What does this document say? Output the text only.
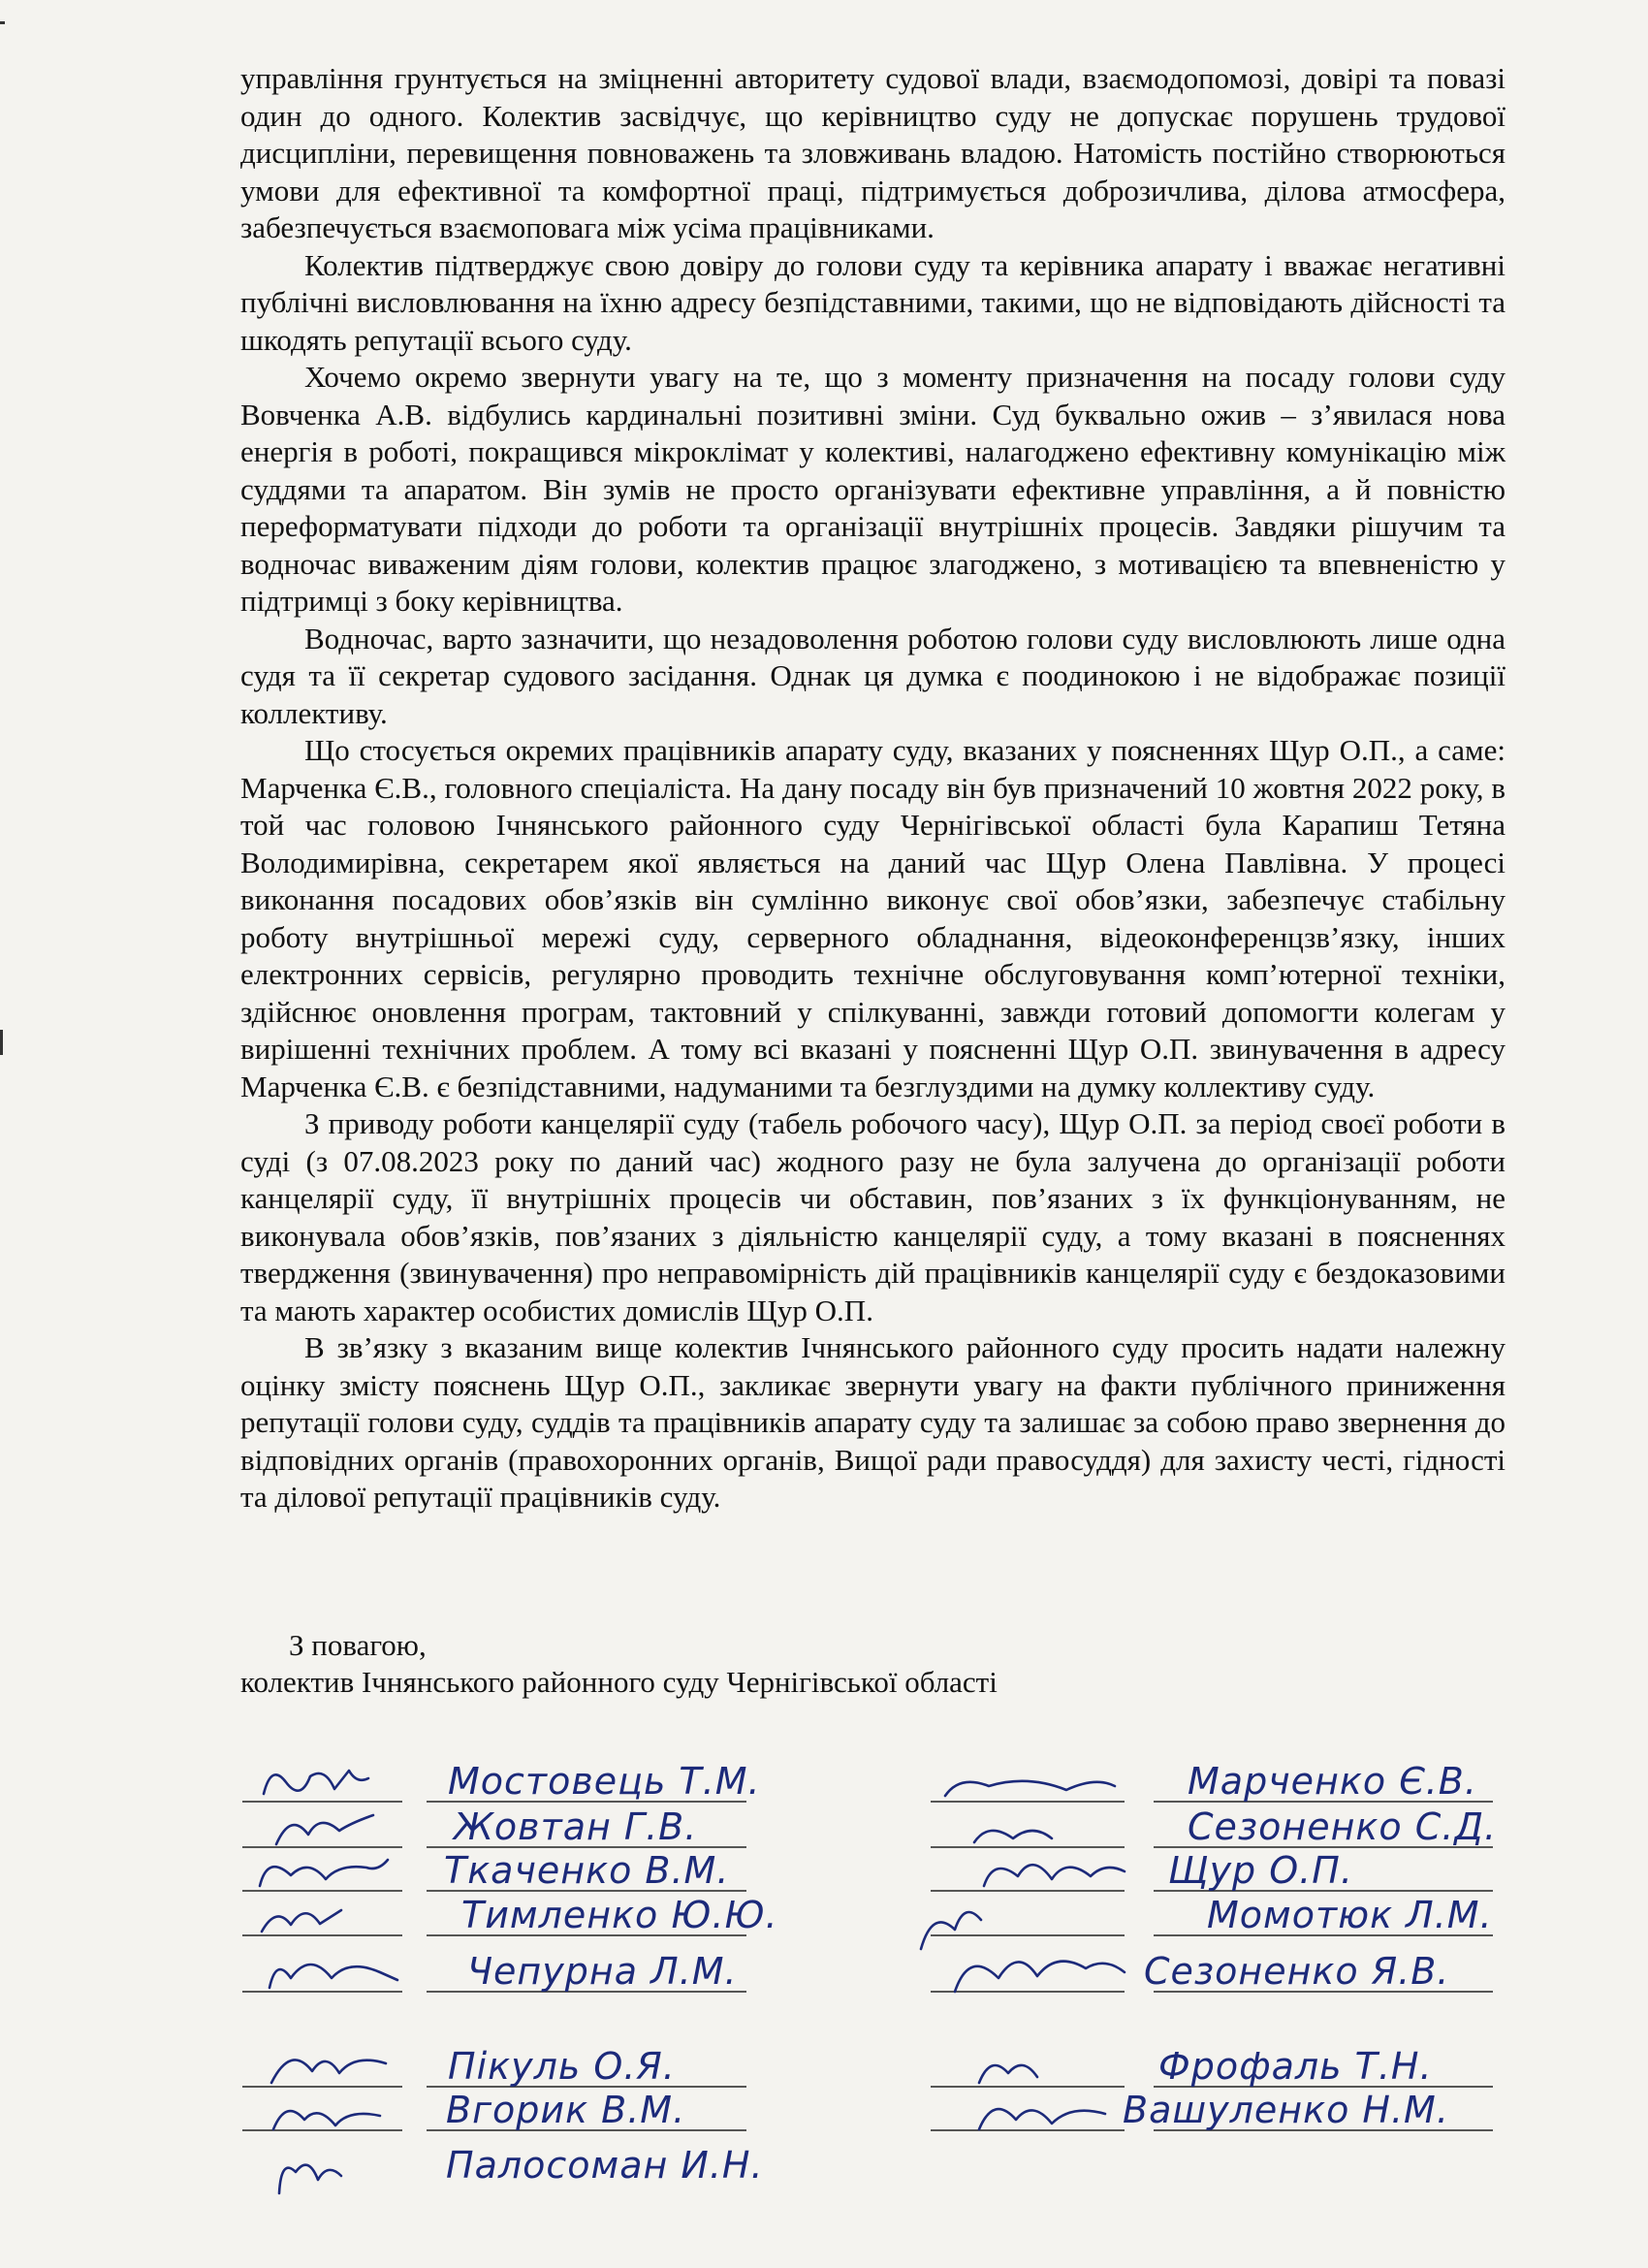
управління грунтується на зміцненні авторитету судової влади, взаємодопомозі, довірі та повазі один до одного. Колектив засвідчує, що керівництво суду не допускає порушень трудової дисципліни, перевищення повноважень та зловживань владою. Натомість постійно створюються умови для ефективної та комфортної праці, підтримується доброзичлива, ділова атмосфера, забезпечується взаємоповага між усіма працівниками.

Колектив підтверджує свою довіру до голови суду та керівника апарату і вважає негативні публічні висловлювання на їхню адресу безпідставними, такими, що не відповідають дійсності та шкодять репутації всього суду.

Хочемо окремо звернути увагу на те, що з моменту призначення на посаду голови суду Вовченка А.В. відбулись кардинальні позитивні зміни. Суд буквально ожив – з’явилася нова енергія в роботі, покращився мікроклімат у колективі, налагоджено ефективну комунікацію між суддями та апаратом. Він зумів не просто організувати ефективне управління, а й повністю переформатувати підходи до роботи та організації внутрішніх процесів. Завдяки рішучим та водночас виваженим діям голови, колектив працює злагоджено, з мотивацією та впевненістю у підтримці з боку керівництва.

Водночас, варто зазначити, що незадоволення роботою голови суду висловлюють лише одна судя та її секретар судового засідання. Однак ця думка є поодинокою і не відображає позиції коллективу.

Що стосується окремих працівників апарату суду, вказаних у поясненнях Щур О.П., а саме: Марченка Є.В., головного спеціаліста. На дану посаду він був призначений 10 жовтня 2022 року, в той час головою Ічнянського районного суду Чернігівської області була Карапиш Тетяна Володимирівна, секретарем якої являється на даний час Щур Олена Павлівна. У процесі виконання посадових обов’язків він сумлінно виконує свої обов’язки, забезпечує стабільну роботу внутрішньої мережі суду, серверного обладнання, відеоконференцзв’язку, інших електронних сервісів, регулярно проводить технічне обслуговування комп’ютерної техніки, здійснює оновлення програм, тактовний у спілкуванні, завжди готовий допомогти колегам у вирішенні технічних проблем. А тому всі вказані у поясненні Щур О.П. звинувачення в адресу Марченка Є.В. є безпідставними, надуманими та безглуздими на думку коллективу суду.

З приводу роботи канцелярії суду (табель робочого часу), Щур О.П. за період своєї роботи в суді (з 07.08.2023 року по даний час) жодного разу не була залучена до організації роботи канцелярії суду, її внутрішніх процесів чи обставин, пов’язаних з їх функціонуванням, не виконувала обов’язків, пов’язаних з діяльністю канцелярії суду, а тому вказані в поясненнях твердження (звинувачення) про неправомірність дій працівників канцелярії суду є бездоказовими та мають характер особистих домислів Щур О.П.

В зв’язку з вказаним вище колектив Ічнянського районного суду просить надати належну оцінку змісту пояснень Щур О.П., закликає звернути увагу на факти публічного приниження репутації голови суду, суддів та працівників апарату суду та залишає за собою право звернення до відповідних органів (правохоронних органів, Вищої ради правосуддя) для захисту честі, гідності та ділової репутації працівників суду.

З повагою,
колектив Ічнянського районного суду Чернігівської області
Мостовець Т.М.
Жовтан Г.В.
Ткаченко В.М.
Тимленко Ю.Ю.
Чепурна Л.М.
Пікуль О.Я.
Вгорик В.М.
Палосоман И.Н.
Марченко Є.В.
Сезоненко С.Д.
Щур О.П.
Момотюк Л.М.
Сезоненко Я.В.
Фрофаль Т.Н.
Вашуленко Н.М.
